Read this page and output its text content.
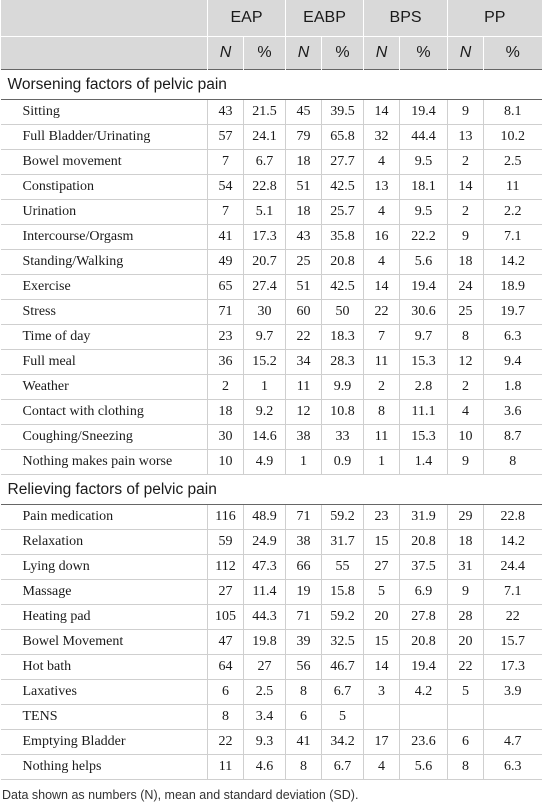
	EAP		EABP		BPS		PP	
	N	%	N	%	N	%	N	%
Worsening factors of pelvic pain								
Sitting	43	21.5	45	39.5	14	19.4	9	8.1
Full Bladder/Urinating	57	24.1	79	65.8	32	44.4	13	10.2
Bowel movement	7	6.7	18	27.7	4	9.5	2	2.5
Constipation	54	22.8	51	42.5	13	18.1	14	11
Urination	7	5.1	18	25.7	4	9.5	2	2.2
Intercourse/Orgasm	41	17.3	43	35.8	16	22.2	9	7.1
Standing/Walking	49	20.7	25	20.8	4	5.6	18	14.2
Exercise	65	27.4	51	42.5	14	19.4	24	18.9
Stress	71	30	60	50	22	30.6	25	19.7
Time of day	23	9.7	22	18.3	7	9.7	8	6.3
Full meal	36	15.2	34	28.3	11	15.3	12	9.4
Weather	2	1	11	9.9	2	2.8	2	1.8
Contact with clothing	18	9.2	12	10.8	8	11.1	4	3.6
Coughing/Sneezing	30	14.6	38	33	11	15.3	10	8.7
Nothing makes pain worse	10	4.9	1	0.9	1	1.4	9	8
Relieving factors of pelvic pain								
Pain medication	116	48.9	71	59.2	23	31.9	29	22.8
Relaxation	59	24.9	38	31.7	15	20.8	18	14.2
Lying down	112	47.3	66	55	27	37.5	31	24.4
Massage	27	11.4	19	15.8	5	6.9	9	7.1
Heating pad	105	44.3	71	59.2	20	27.8	28	22
Bowel Movement	47	19.8	39	32.5	15	20.8	20	15.7
Hot bath	64	27	56	46.7	14	19.4	22	17.3
Laxatives	6	2.5	8	6.7	3	4.2	5	3.9
TENS	8	3.4	6	5				
Emptying Bladder	22	9.3	41	34.2	17	23.6	6	4.7
Nothing helps	11	4.6	8	6.7	4	5.6	8	6.3
Data shown as numbers (N), mean and standard deviation (SD).
